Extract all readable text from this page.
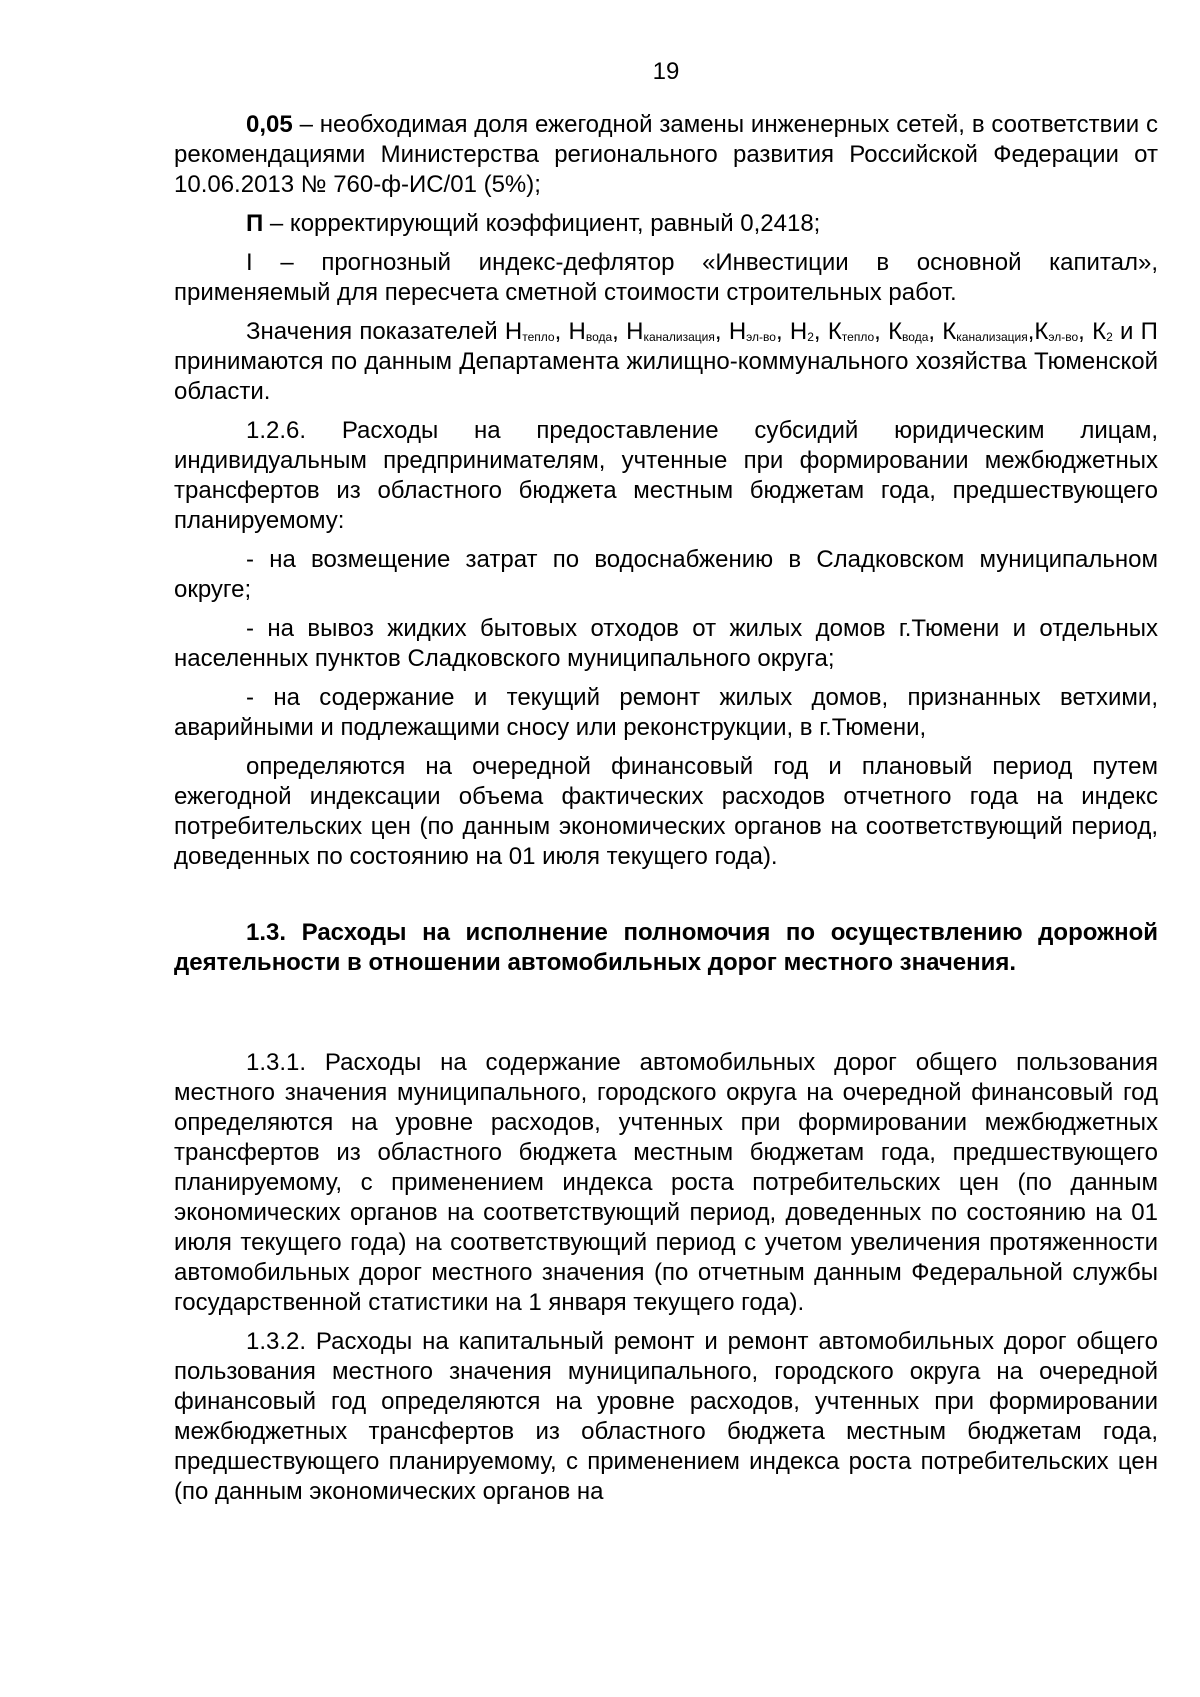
19

0,05 – необходимая доля ежегодной замены инженерных сетей, в соответствии с рекомендациями Министерства регионального развития Российской Федерации от 10.06.2013 № 760-ф-ИС/01 (5%);

П – корректирующий коэффициент, равный 0,2418;

I – прогнозный индекс-дефлятор «Инвестиции в основной капитал», применяемый для пересчета сметной стоимости строительных работ.

Значения показателей $Н_{тепло}$, $Н_{вода}$, $Н_{канализация}$, $Н_{эл-во}$, $Н_2$, $К_{тепло}$, $К_{вода}$, $К_{канализация},К_{эл-во}$, $К_2$ и П принимаются по данным Департамента жилищно-коммунального хозяйства Тюменской области.

1.2.6. Расходы на предоставление субсидий юридическим лицам, индивидуальным предпринимателям, учтенные при формировании межбюджетных трансфертов из областного бюджета местным бюджетам года, предшествующего планируемому:

- на возмещение затрат по водоснабжению в Сладковском муниципальном округе;

- на вывоз жидких бытовых отходов от жилых домов г.Тюмени и отдельных населенных пунктов Сладковского муниципального округа;

- на содержание и текущий ремонт жилых домов, признанных ветхими, аварийными и подлежащими сносу или реконструкции, в г.Тюмени,

определяются на очередной финансовый год и плановый период путем ежегодной индексации объема фактических расходов отчетного года на индекс потребительских цен (по данным экономических органов на соответствующий период, доведенных по состоянию на 01 июля текущего года).

1.3. Расходы на исполнение полномочия по осуществлению дорожной деятельности в отношении автомобильных дорог местного значения.

1.3.1. Расходы на содержание автомобильных дорог общего пользования местного значения муниципального, городского округа на очередной финансовый год определяются на уровне расходов, учтенных при формировании межбюджетных трансфертов из областного бюджета местным бюджетам года, предшествующего планируемому, с применением индекса роста потребительских цен (по данным экономических органов на соответствующий период, доведенных по состоянию на 01 июля текущего года) на соответствующий период с учетом увеличения протяженности автомобильных дорог местного значения (по отчетным данным Федеральной службы государственной статистики на 1 января текущего года).

1.3.2. Расходы на капитальный ремонт и ремонт автомобильных дорог общего пользования местного значения муниципального, городского округа на очередной финансовый год определяются на уровне расходов, учтенных при формировании межбюджетных трансфертов из областного бюджета местным бюджетам года, предшествующего планируемому, с применением индекса роста потребительских цен (по данным экономических органов на
